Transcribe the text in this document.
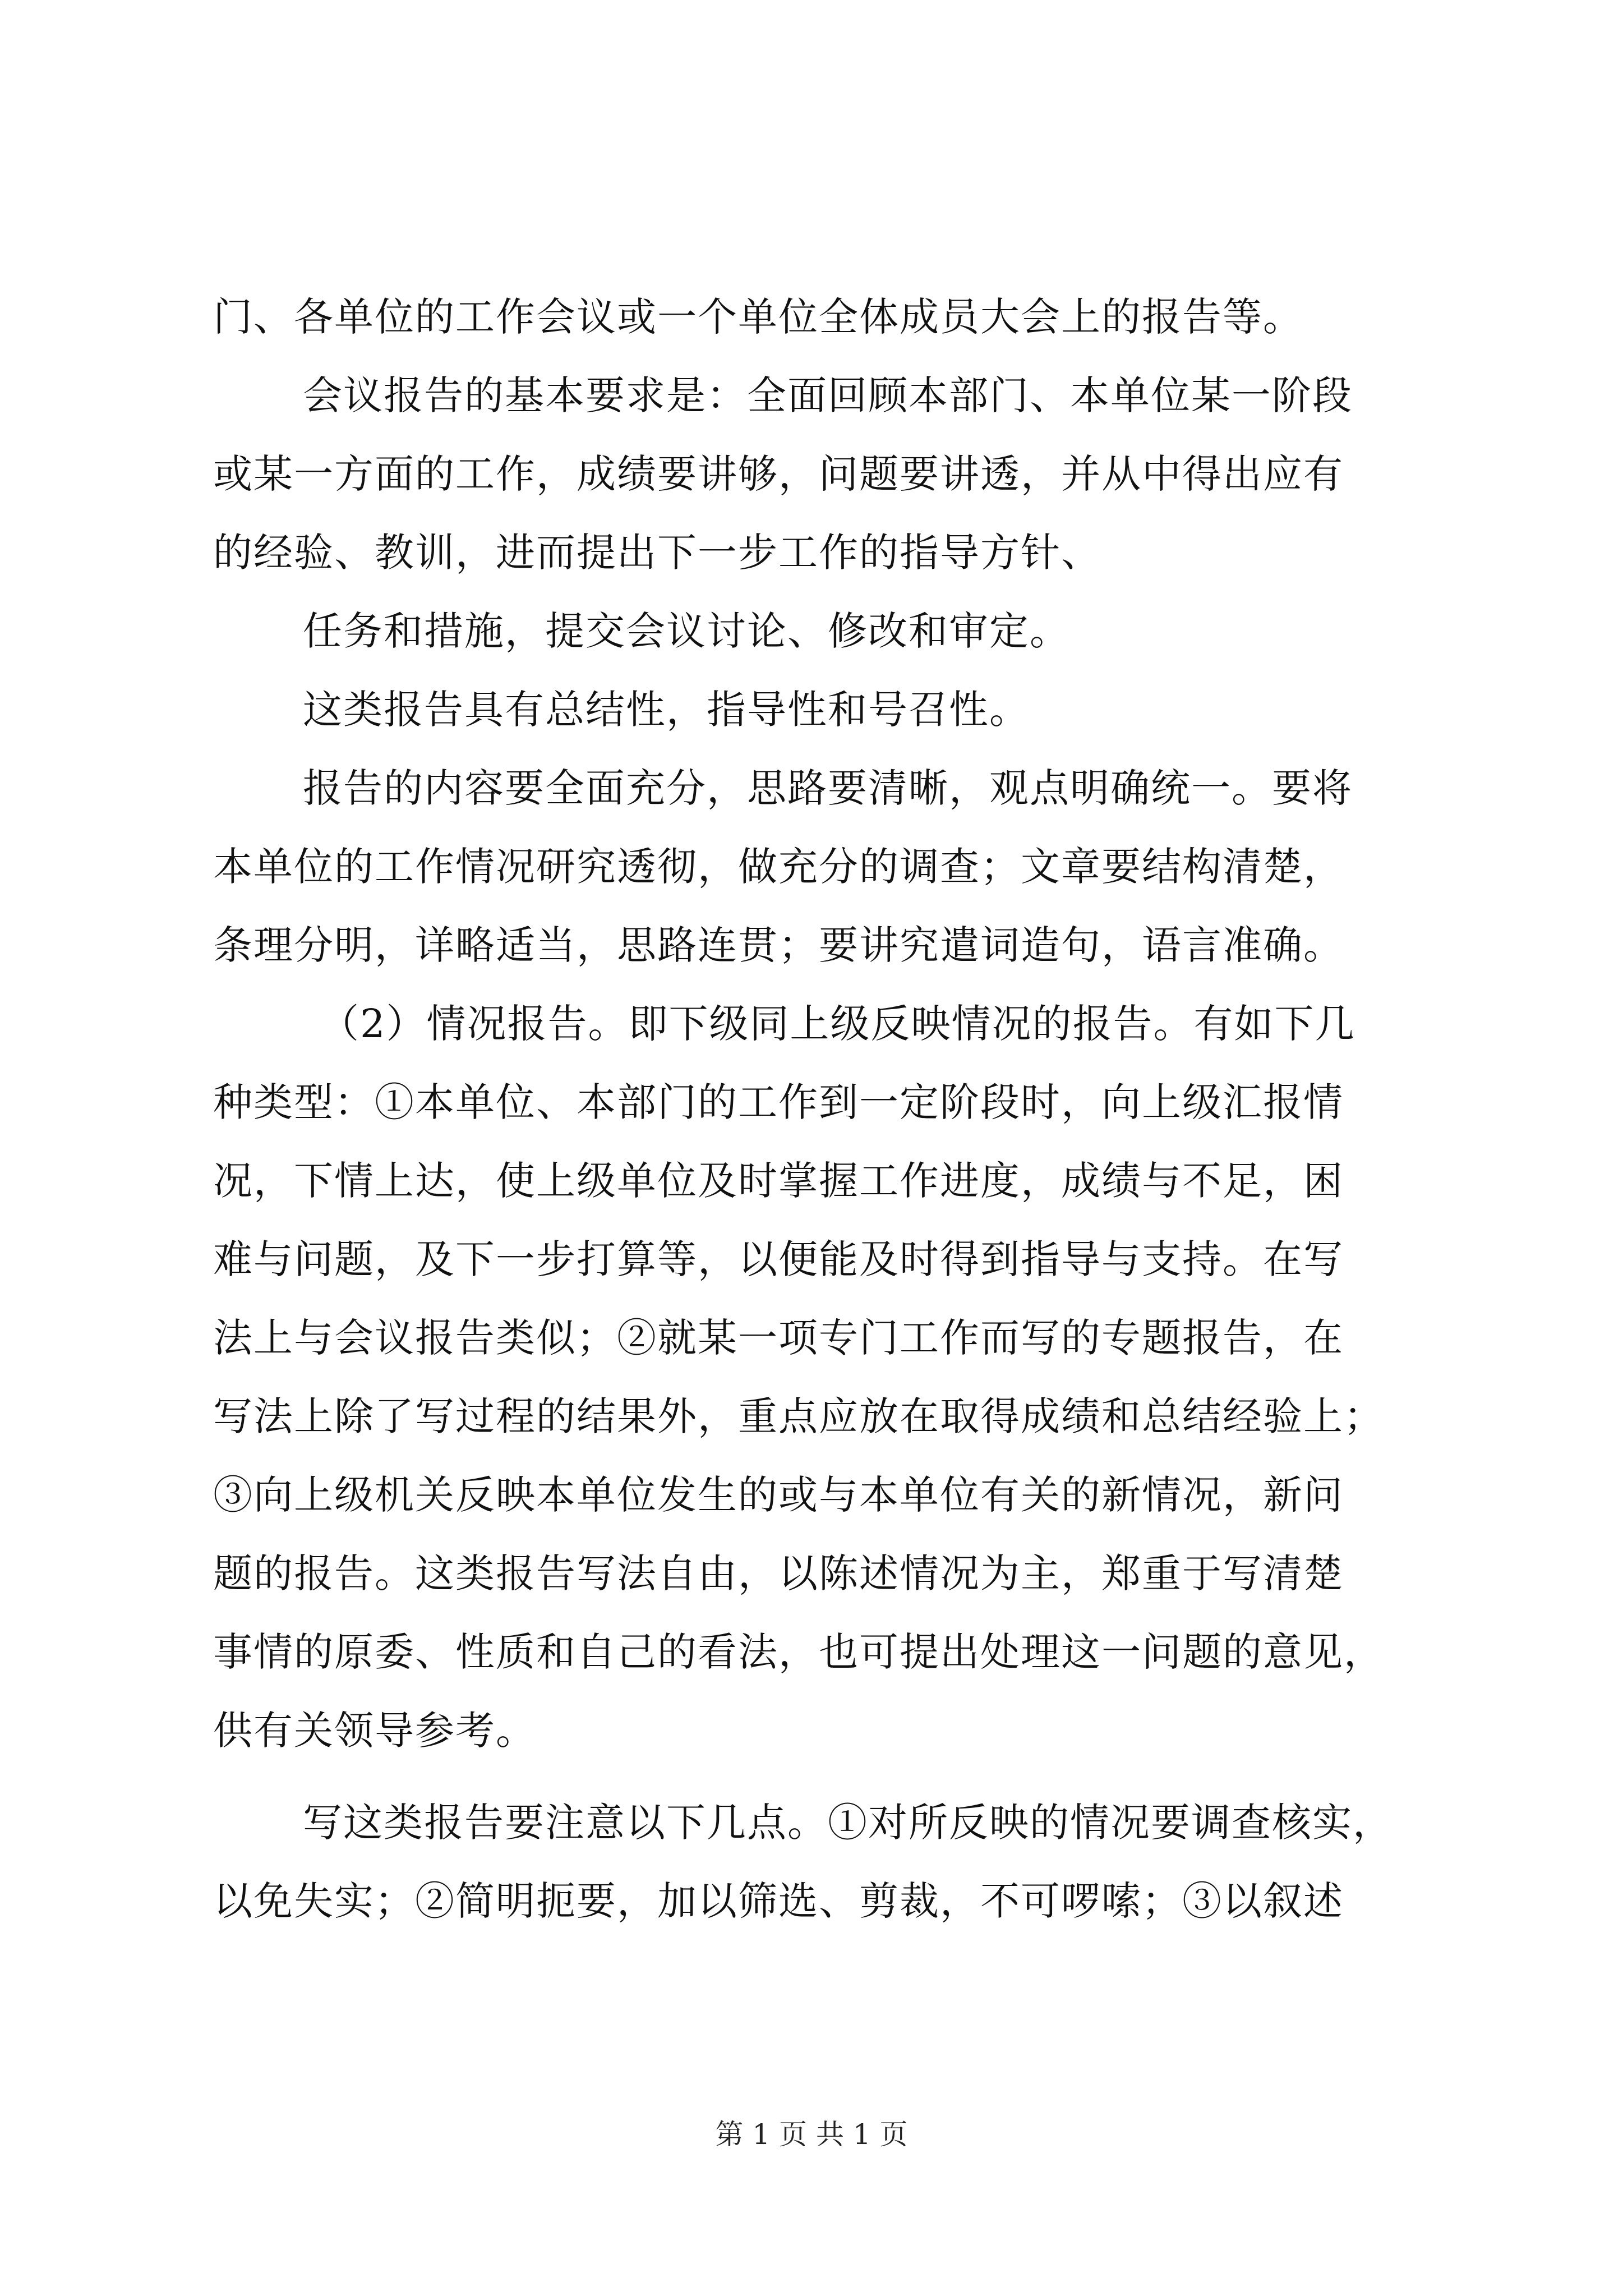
门、各单位的工作会议或一个单位全体成员大会上的报告等。
会议报告的基本要求是：全面回顾本部门、本单位某一阶段
或某一方面的工作，成绩要讲够，问题要讲透，并从中得出应有
的经验、教训，进而提出下一步工作的指导方针、
任务和措施，提交会议讨论、修改和审定。
这类报告具有总结性，指导性和号召性。
报告的内容要全面充分，思路要清晰，观点明确统一。要将
本单位的工作情况研究透彻，做充分的调查；文章要结构清楚，
条理分明，详略适当，思路连贯；要讲究遣词造句，语言准确。
（2）情况报告。即下级同上级反映情况的报告。有如下几
种类型：①本单位、本部门的工作到一定阶段时，向上级汇报情
况，下情上达，使上级单位及时掌握工作进度，成绩与不足，困
难与问题，及下一步打算等，以便能及时得到指导与支持。在写
法上与会议报告类似；②就某一项专门工作而写的专题报告，在
写法上除了写过程的结果外，重点应放在取得成绩和总结经验上；
③向上级机关反映本单位发生的或与本单位有关的新情况，新问
题的报告。这类报告写法自由，以陈述情况为主，郑重于写清楚
事情的原委、性质和自己的看法，也可提出处理这一问题的意见，
供有关领导参考。
写这类报告要注意以下几点。①对所反映的情况要调查核实，
以免失实；②简明扼要，加以筛选、剪裁，不可啰嗦；③以叙述
第 1 页 共 1 页
